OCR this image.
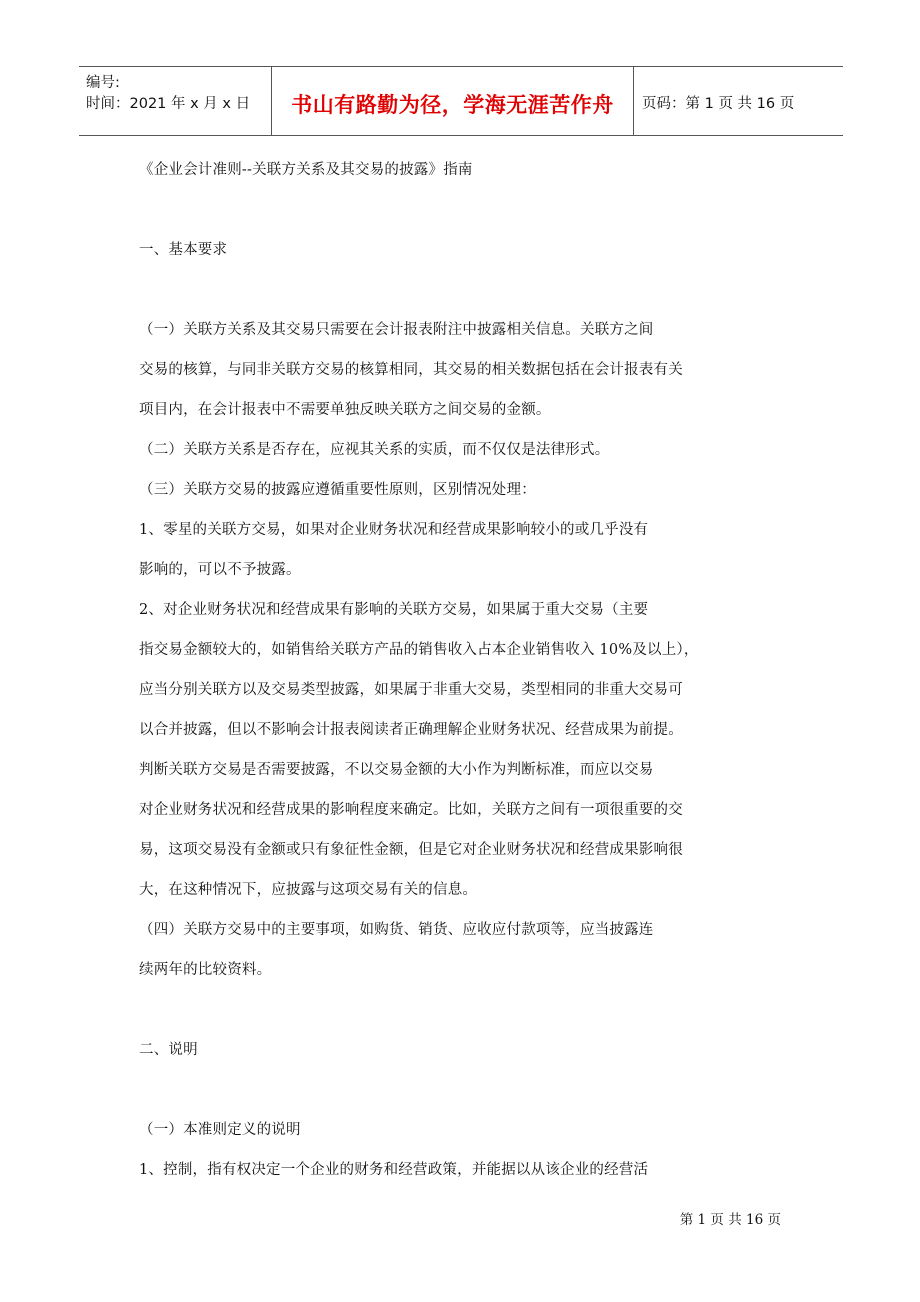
编号:
时间：2021 年 x 月 x 日	书山有路勤为径，学海无涯苦作舟	页码：第 1 页 共 16 页
《企业会计准则--关联方关系及其交易的披露》指南
一、基本要求
（一）关联方关系及其交易只需要在会计报表附注中披露相关信息。关联方之间
交易的核算，与同非关联方交易的核算相同，其交易的相关数据包括在会计报表有关
项目内，在会计报表中不需要单独反映关联方之间交易的金额。
（二）关联方关系是否存在，应视其关系的实质，而不仅仅是法律形式。
（三）关联方交易的披露应遵循重要性原则，区别情况处理：
1、零星的关联方交易，如果对企业财务状况和经营成果影响较小的或几乎没有
影响的，可以不予披露。
2、对企业财务状况和经营成果有影响的关联方交易，如果属于重大交易（主要
指交易金额较大的，如销售给关联方产品的销售收入占本企业销售收入 10%及以上），
应当分别关联方以及交易类型披露，如果属于非重大交易，类型相同的非重大交易可
以合并披露，但以不影响会计报表阅读者正确理解企业财务状况、经营成果为前提。
判断关联方交易是否需要披露，不以交易金额的大小作为判断标准，而应以交易
对企业财务状况和经营成果的影响程度来确定。比如，关联方之间有一项很重要的交
易，这项交易没有金额或只有象征性金额，但是它对企业财务状况和经营成果影响很
大，在这种情况下，应披露与这项交易有关的信息。
（四）关联方交易中的主要事项，如购货、销货、应收应付款项等，应当披露连
续两年的比较资料。
二、说明
（一）本准则定义的说明
1、控制，指有权决定一个企业的财务和经营政策，并能据以从该企业的经营活
第 1 页 共 16 页
